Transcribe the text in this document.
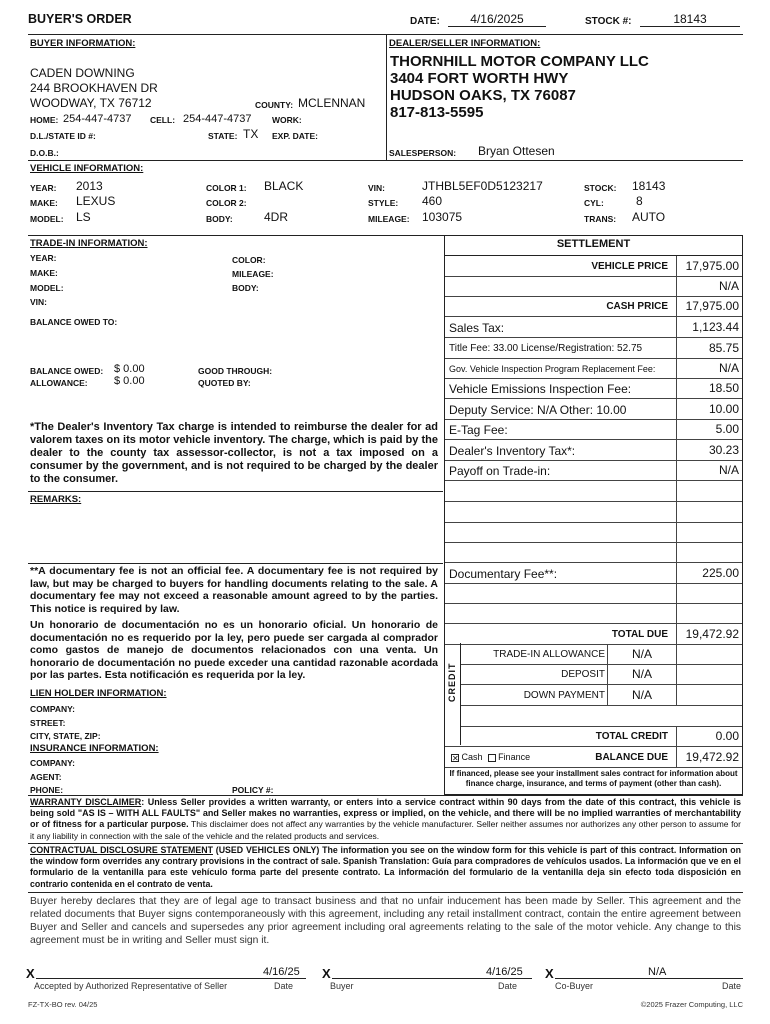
BUYER'S ORDER	DATE:	4/16/2025	STOCK #:	18143
BUYER INFORMATION:
CADEN DOWNING
244 BROOKHAVEN DR
WOODWAY, TX 76712	COUNTY: MCLENNAN
HOME: 254-447-4737 CELL: 254-447-4737 WORK:
D.L./STATE ID #:	STATE: TX EXP. DATE:
D.O.B.:
DEALER/SELLER INFORMATION:
THORNHILL MOTOR COMPANY LLC
3404 FORT WORTH HWY
HUDSON OAKS, TX 76087
817-813-5595
SALESPERSON: Bryan Ottesen
VEHICLE INFORMATION:
YEAR: 2013
MAKE: LEXUS
MODEL: LS
COLOR 1: BLACK
COLOR 2:
BODY:	4DR
VIN:	JTHBL5EF0D5123217
STYLE: 460
MILEAGE: 103075
STOCK: 18143
CYL:	8
TRANS: AUTO
TRADE-IN INFORMATION:
YEAR:
MAKE:
MODEL:
VIN:
COLOR:
MILEAGE:
BODY:
BALANCE OWED TO:
BALANCE OWED: $ 0.00
ALLOWANCE: $ 0.00
GOOD THROUGH:
QUOTED BY:
*The Dealer's Inventory Tax charge is intended to reimburse the dealer for ad valorem taxes on its motor vehicle inventory. The charge, which is paid by the dealer to the county tax assessor-collector, is not a tax imposed on a consumer by the government, and is not required to be charged by the dealer to the consumer.
REMARKS:
**A documentary fee is not an official fee. A documentary fee is not required by law, but may be charged to buyers for handling documents relating to the sale. A documentary fee may not exceed a reasonable amount agreed to by the parties. This notice is required by law.
Un honorario de documentación no es un honorario oficial. Un honorario de documentación no es requerido por la ley, pero puede ser cargada al comprador como gastos de manejo de documentos relacionados con una venta. Un honorario de documentación no puede exceder una cantidad razonable acordada por las partes. Esta notificación es requerida por la ley.
LIEN HOLDER INFORMATION:
COMPANY:
STREET:
CITY, STATE, ZIP:
INSURANCE INFORMATION:
COMPANY:
AGENT:
PHONE:	POLICY #:
SETTLEMENT
VEHICLE PRICE 17,975.00
N/A
CASH PRICE 17,975.00
Sales Tax:	1,123.44
Title Fee: 33.00 License/Registration: 52.75	85.75
Gov. Vehicle Inspection Program Replacement Fee:	N/A
Vehicle Emissions Inspection Fee:	18.50
Deputy Service: N/A Other: 10.00	10.00
E-Tag Fee:	5.00
Dealer's Inventory Tax*:	30.23
Payoff on Trade-in:	N/A
Documentary Fee**:	225.00
TOTAL DUE 19,472.92
TRADE-IN ALLOWANCE	N/A
DEPOSIT	N/A
DOWN PAYMENT	N/A
TOTAL CREDIT	0.00
✕ Cash Finance	BALANCE DUE 19,472.92
If financed, please see your installment sales contract for information about finance charge, insurance, and terms of payment (other than cash).
CREDIT
WARRANTY DISCLAIMER: Unless Seller provides a written warranty, or enters into a service contract within 90 days from the date of this contract, this vehicle is being sold "AS IS – WITH ALL FAULTS" and Seller makes no warranties, express or implied, on the vehicle, and there will be no implied warranties of merchantability or of fitness for a particular purpose. This disclaimer does not affect any warranties by the vehicle manufacturer. Seller neither assumes nor authorizes any other person to assume for it any liability in connection with the sale of the vehicle and the related products and services.
CONTRACTUAL DISCLOSURE STATEMENT (USED VEHICLES ONLY) The information you see on the window form for this vehicle is part of this contract. Information on the window form overrides any contrary provisions in the contract of sale. Spanish Translation: Guía para compradores de vehículos usados. La información que ve en el formulario de la ventanilla para este vehículo forma parte del presente contrato. La información del formulario de la ventanilla deja sin efecto toda disposición en contrario contenida en el contrato de venta.
Buyer hereby declares that they are of legal age to transact business and that no unfair inducement has been made by Seller. This agreement and the related documents that Buyer signs contemporaneously with this agreement, including any retail installment contract, contain the entire agreement between Buyer and Seller and cancels and supersedes any prior agreement including oral agreements relating to the sale of the motor vehicle. Any change to this agreement must be in writing and Seller must sign it.
X	4/16/25
Accepted by Authorized Representative of Seller	Date
X	4/16/25
Buyer	Date
X	N/A
Co-Buyer	Date
FZ-TX-BO rev. 04/25	©2025 Frazer Computing, LLC
